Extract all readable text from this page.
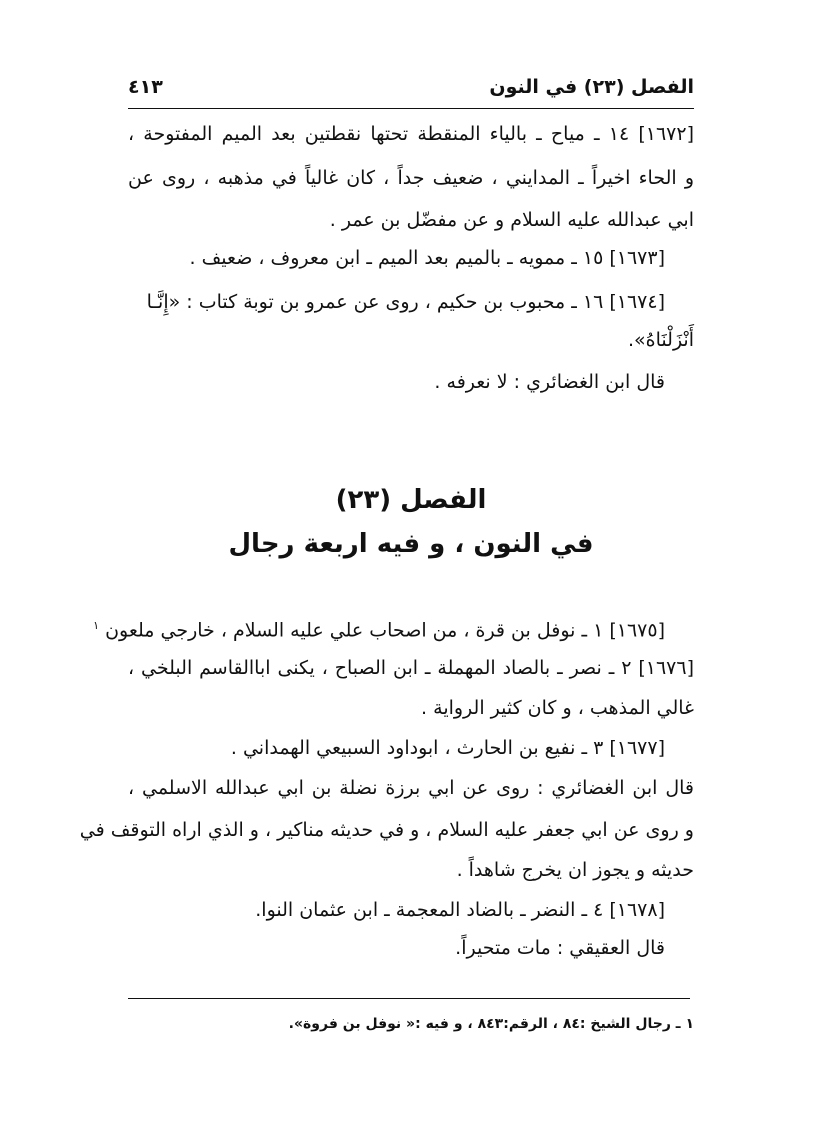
الفصل (٢٣) في النون
٤١٣
[١٦٧٢] ١٤ ـ مياح ـ بالياء المنقطة تحتها نقطتين بعد الميم المفتوحة ،
و الحاء اخيراً ـ المدايني ، ضعيف جداً ، كان غالياً في مذهبه ، روى عن
ابي عبدالله عليه السلام و عن مفضّل بن عمر .
[١٦٧٣] ١٥ ـ ممويه ـ بالميم بعد الميم ـ ابن معروف ، ضعيف .
[١٦٧٤] ١٦ ـ محبوب بن حكيم ، روى عن عمرو بن توبة كتاب : «إِنَّـا
أَنْزَلْنَاهُ».
قال ابن الغضائري : لا نعرفه .
الفصل (٢٣)
في النون ، و فيه اربعة رجال
[١٦٧٥] ١ ـ نوفل بن قرة ، من اصحاب علي عليه السلام ، خارجي ملعون $^١$
[١٦٧٦] ٢ ـ نصر ـ بالصاد المهملة ـ ابن الصباح ، يكنى اباالقاسم البلخي ،
غالي المذهب ، و كان كثير الرواية .
[١٦٧٧] ٣ ـ نفيع بن الحارث ، ابوداود السبيعي الهمداني .
قال ابن الغضائري : روى عن ابي برزة نضلة بن ابي عبدالله الاسلمي ،
و روى عن ابي جعفر عليه السلام ، و في حديثه مناكير ، و الذي اراه التوقف في
حديثه و يجوز ان يخرج شاهداً .
[١٦٧٨] ٤ ـ النضر ـ بالضاد المعجمة ـ ابن عثمان النوا.
قال العقيقي : مات متحيراً.
١ ـ رجال الشيخ :٨٤ ، الرقم:٨٤٣ ، و فيه :« نوفل بن فروة».
